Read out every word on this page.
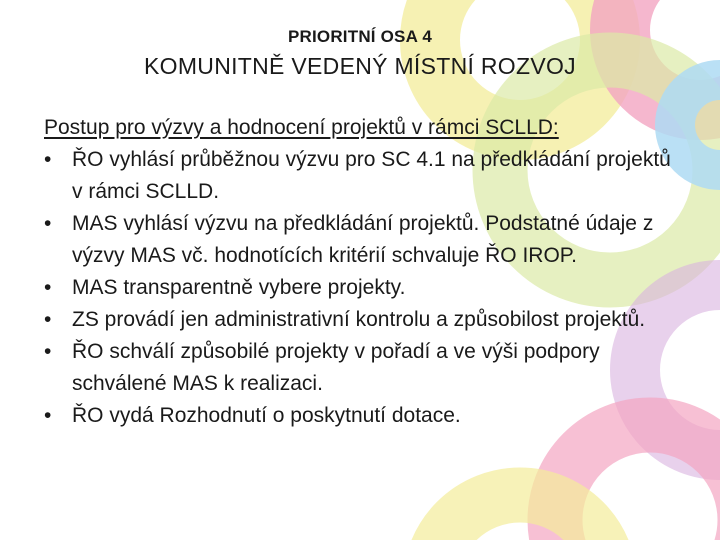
PRIORITNÍ OSA 4
KOMUNITNĚ VEDENÝ MÍSTNÍ ROZVOJ
Postup pro výzvy a hodnocení projektů v rámci SCLLD:
• ŘO vyhlásí průběžnou výzvu pro SC 4.1 na předkládání projektů v rámci SCLLD.
• MAS vyhlásí výzvu na předkládání projektů. Podstatné údaje z výzvy MAS vč. hodnotících kritérií schvaluje ŘO IROP.
• MAS transparentně vybere projekty.
• ZS provádí jen administrativní kontrolu a způsobilost projektů.
• ŘO schválí způsobilé projekty v pořadí a ve výši podpory schválené MAS k realizaci.
• ŘO vydá Rozhodnutí o poskytnutí dotace.
